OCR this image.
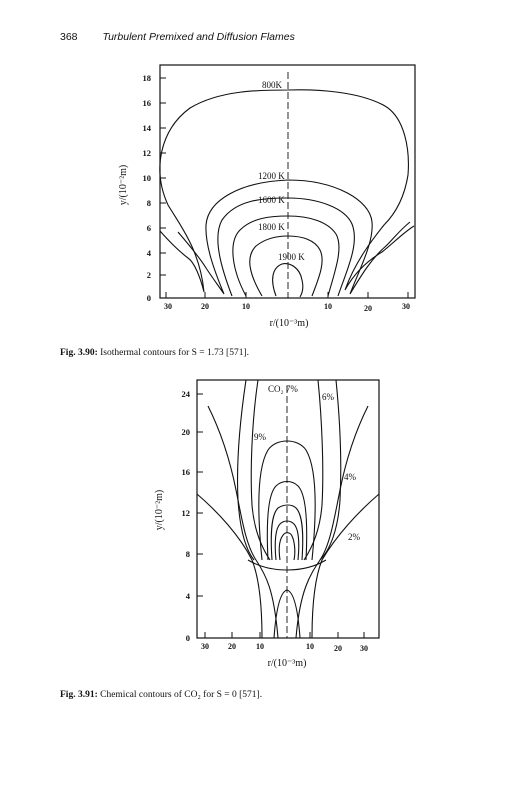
368 Turbulent Premixed and Diffusion Flames
18
16
14
12
10
8
6
4
2
0
30	20	10	10	20	30
y/(10⁻²m)
r/(10⁻³m)
800K
1200 K
1600 K
1800 K
1900 K
24
20
16
12
8
4
0
30 20	10	10	20 30
y/(10⁻²m)
r/(10⁻³m)
CO₂ 7%
6%
9%
4%
2%
Fig. 3.90: Isothermal contours for S = 1.73 [571].
Fig. 3.91: Chemical contours of CO₂ for S = 0 [571].
